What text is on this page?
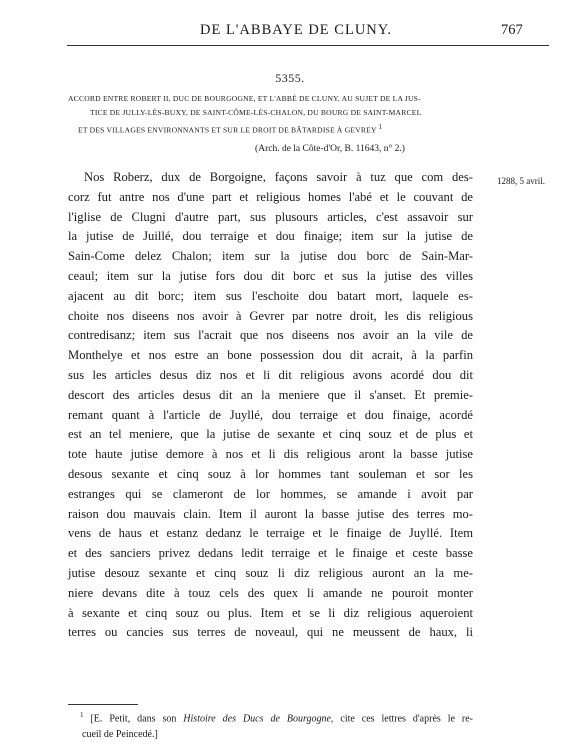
DE L'ABBAYE DE CLUNY.	767
5355.
ACCORD ENTRE ROBERT II, DUC DE BOURGOGNE, ET L'ABBÉ DE CLUNY, AU SUJET DE LA JUS-
TICE DE JULLY-LÈS-BUXY, DE SAINT-CÔME-LÈS-CHALON, DU BOURG DE SAINT-MARCEL
ET DES VILLAGES ENVIRONNANTS ET SUR LE DROIT DE BÂTARDISE À GEVREY 1
(Arch. de la Côte-d'Or, B. 11643, n° 2.)
1288, 5 avril.
Nos Roberz, dux de Borgoigne, façons savoir à tuz que com des-
corz fut antre nos d'une part et religious homes l'abé et le couvant de
l'iglise de Clugni d'autre part, sus plusours articles, c'est assavoir sur
la jutise de Juillé, dou terraige et dou finaige; item sur la jutise de
Sain-Come delez Chalon; item sur la jutise dou borc de Sain-Mar-
ceaul; item sur la jutise fors dou dit borc et sus la jutise des villes
ajacent au dit borc; item sus l'eschoite dou batart mort, laquele es-
choite nos diseens nos avoir à Gevrer par notre droit, les dis religious
contredisanz; item sus l'acrait que nos diseens nos avoir an la vile de
Monthelye et nos estre an bone possession dou dit acrait, à la parfin
sus les articles desus diz nos et li dit religious avons acordé dou dit
descort des articles desus dit an la meniere que il s'anset. Et premie-
remant quant à l'article de Juyllé, dou terraige et dou finaige, acordé
est an tel meniere, que la jutise de sexante et cinq souz et de plus et
tote haute jutise demore à nos et li dis religious aront la basse jutise
desous sexante et cinq souz à lor hommes tant souleman et sor les
estranges qui se clameront de lor hommes, se amande i avoit par
raison dou mauvais clain. Item il auront la basse jutise des terres mo-
vens de haus et estanz dedanz le terraige et le finaige de Juyllé. Item
et des sanciers privez dedans ledit terraige et le finaige et ceste basse
jutise desouz sexante et cinq souz li diz religious auront an la me-
niere devans dite à touz cels des quex li amande ne pouroit monter
à sexante et cinq souz ou plus. Item et se li diz religious aqueroient
terres ou cancies sus terres de noveaul, qui ne meussent de haux, li
$^1$ [E. Petit, dans son Histoire des Ducs de Bourgogne, cite ces lettres d'après le re-
cueil de Peincedé.]
